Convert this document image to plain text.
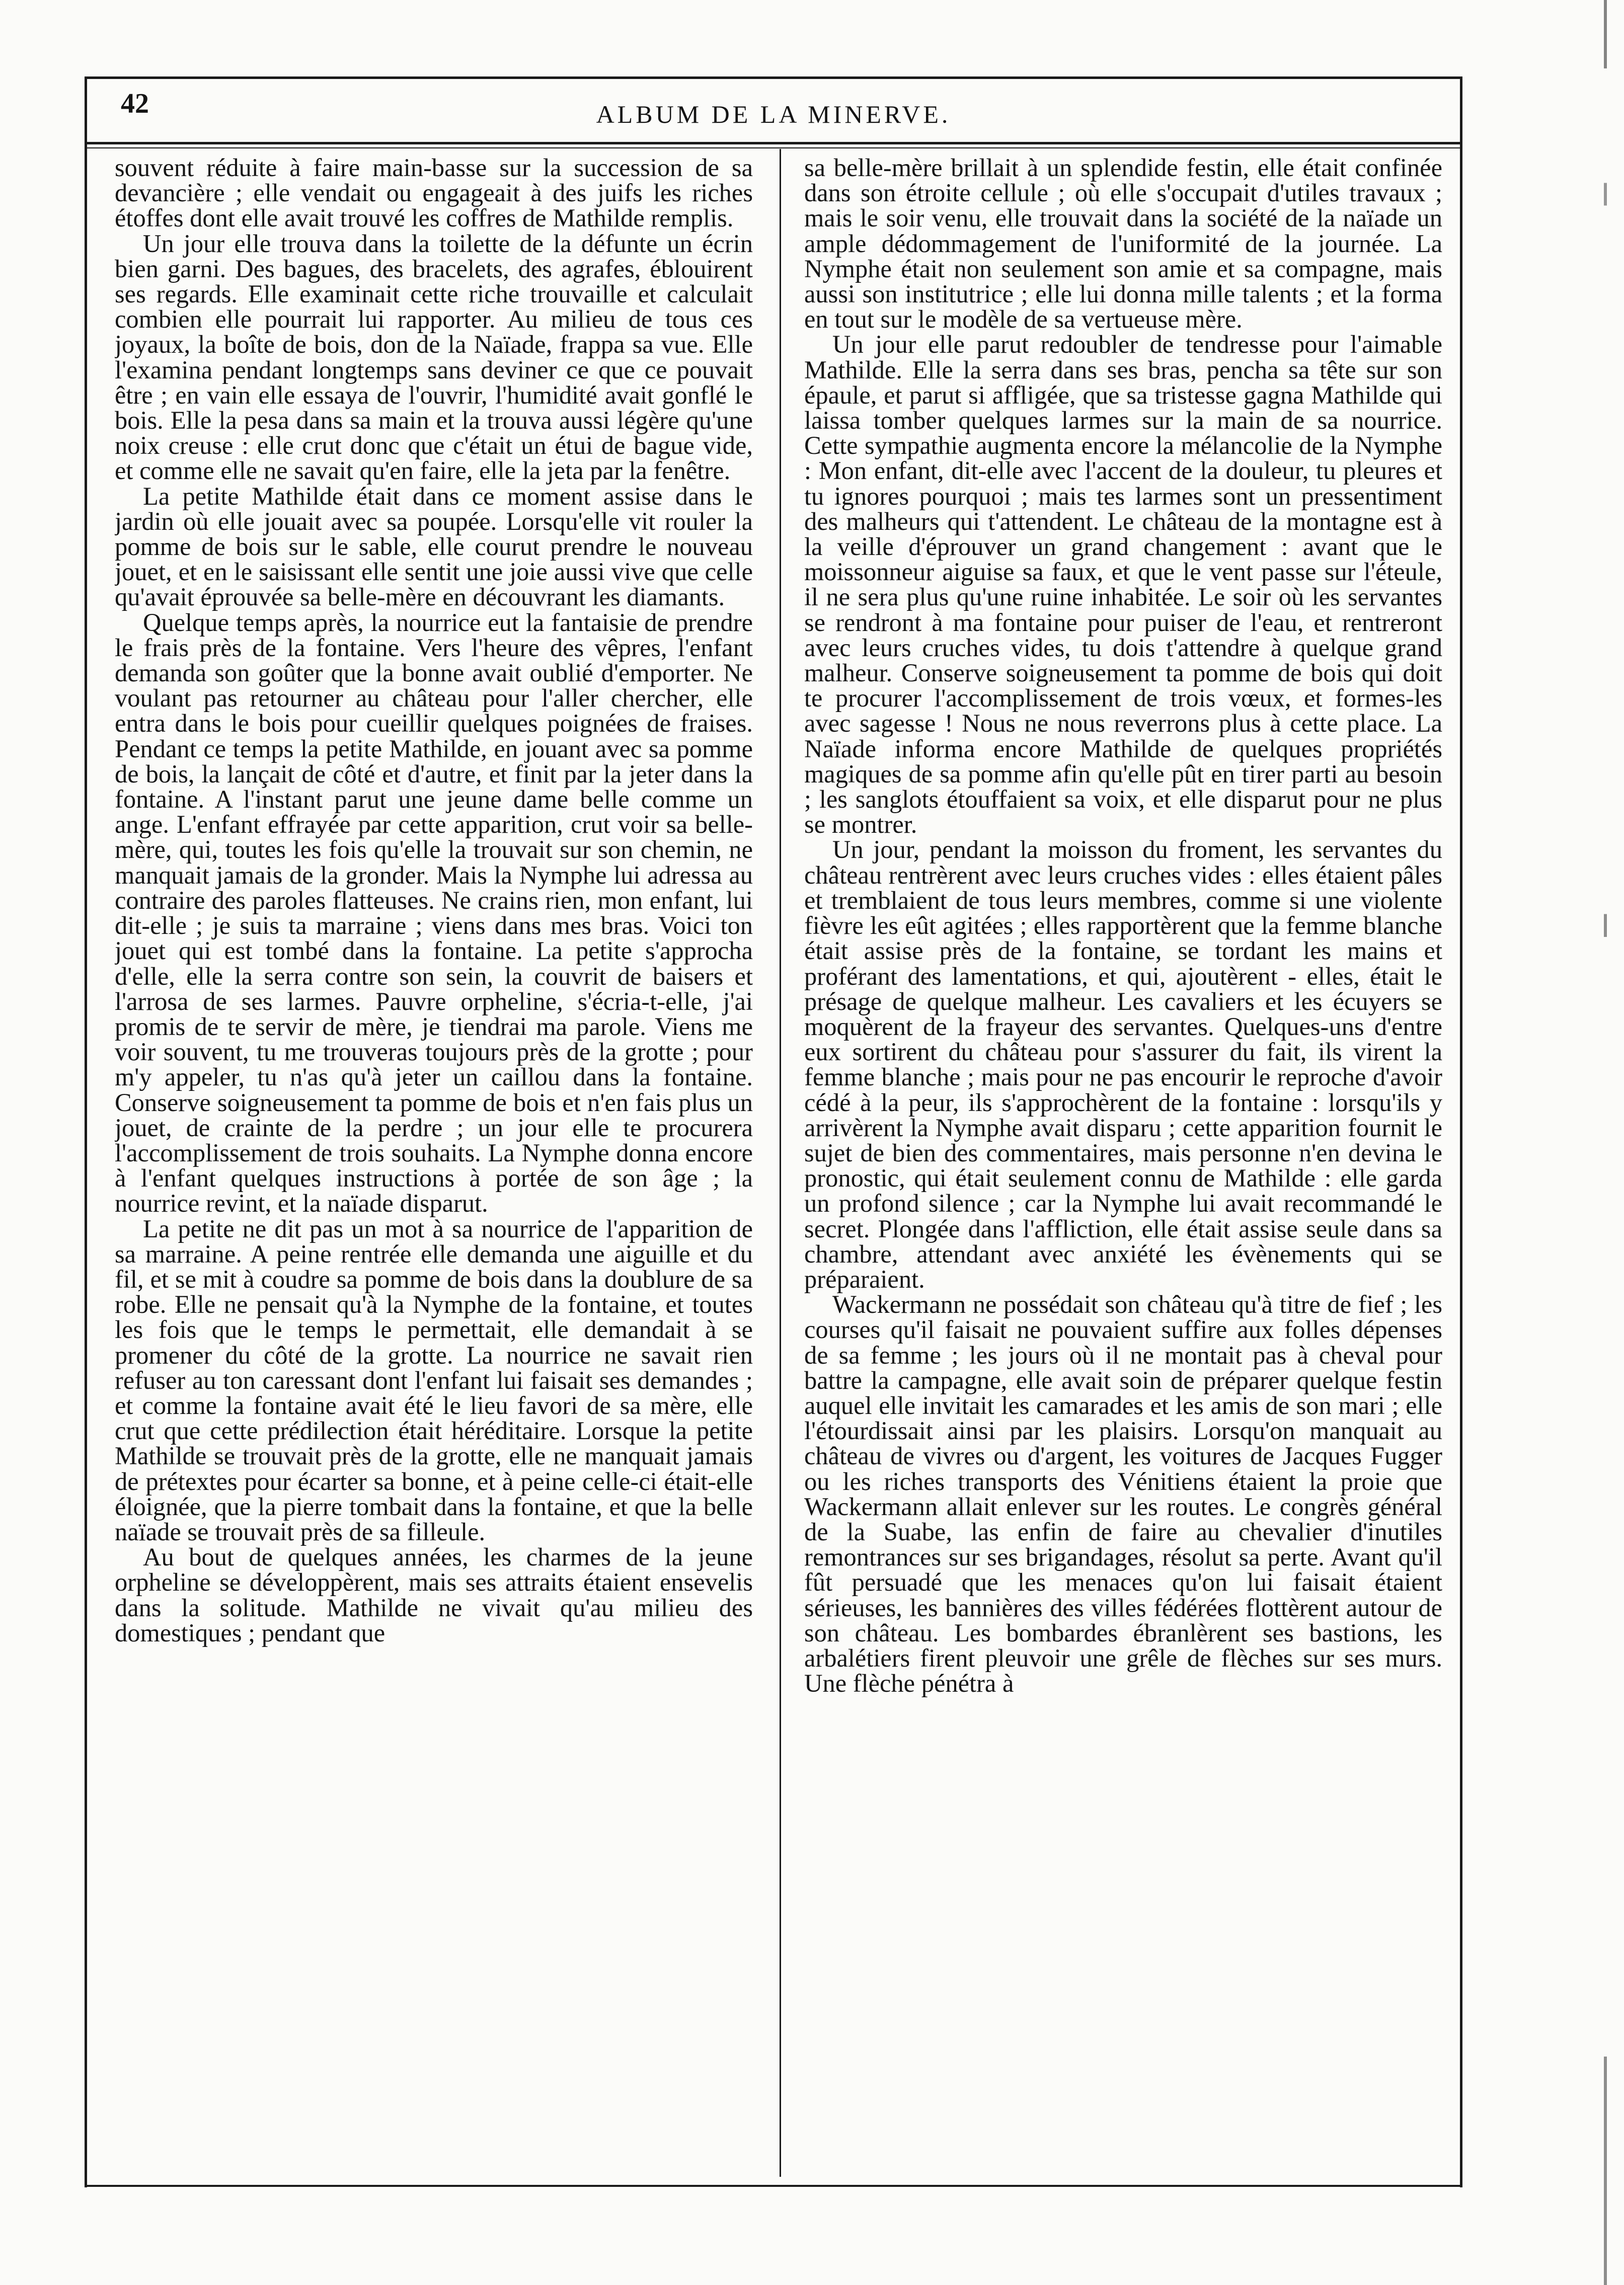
42	ALBUM DE LA MINERVE.

souvent réduite à faire main-basse sur la succession de sa devancière ; elle vendait ou engageait à des juifs les riches étoffes dont elle avait trouvé les coffres de Mathilde remplis.

Un jour elle trouva dans la toilette de la défunte un écrin bien garni. Des bagues, des bracelets, des agrafes, éblouirent ses regards. Elle examinait cette riche trouvaille et calculait combien elle pourrait lui rapporter. Au milieu de tous ces joyaux, la boîte de bois, don de la Naïade, frappa sa vue. Elle l'examina pendant longtemps sans deviner ce que ce pouvait être ; en vain elle essaya de l'ouvrir, l'humidité avait gonflé le bois. Elle la pesa dans sa main et la trouva aussi légère qu'une noix creuse : elle crut donc que c'était un étui de bague vide, et comme elle ne savait qu'en faire, elle la jeta par la fenêtre.

La petite Mathilde était dans ce moment assise dans le jardin où elle jouait avec sa poupée. Lorsqu'elle vit rouler la pomme de bois sur le sable, elle courut prendre le nouveau jouet, et en le saisissant elle sentit une joie aussi vive que celle qu'avait éprouvée sa belle-mère en découvrant les diamants.

Quelque temps après, la nourrice eut la fantaisie de prendre le frais près de la fontaine. Vers l'heure des vêpres, l'enfant demanda son goûter que la bonne avait oublié d'emporter. Ne voulant pas retourner au château pour l'aller chercher, elle entra dans le bois pour cueillir quelques poignées de fraises. Pendant ce temps la petite Mathilde, en jouant avec sa pomme de bois, la lançait de côté et d'autre, et finit par la jeter dans la fontaine. A l'instant parut une jeune dame belle comme un ange. L'enfant effrayée par cette apparition, crut voir sa belle-mère, qui, toutes les fois qu'elle la trouvait sur son chemin, ne manquait jamais de la gronder. Mais la Nymphe lui adressa au contraire des paroles flatteuses. Ne crains rien, mon enfant, lui dit-elle ; je suis ta marraine ; viens dans mes bras. Voici ton jouet qui est tombé dans la fontaine. La petite s'approcha d'elle, elle la serra contre son sein, la couvrit de baisers et l'arrosa de ses larmes. Pauvre orpheline, s'écria-t-elle, j'ai promis de te servir de mère, je tiendrai ma parole. Viens me voir souvent, tu me trouveras toujours près de la grotte ; pour m'y appeler, tu n'as qu'à jeter un caillou dans la fontaine. Conserve soigneusement ta pomme de bois et n'en fais plus un jouet, de crainte de la perdre ; un jour elle te procurera l'accomplissement de trois souhaits. La Nymphe donna encore à l'enfant quelques instructions à portée de son âge ; la nourrice revint, et la naïade disparut.

La petite ne dit pas un mot à sa nourrice de l'apparition de sa marraine. A peine rentrée elle demanda une aiguille et du fil, et se mit à coudre sa pomme de bois dans la doublure de sa robe. Elle ne pensait qu'à la Nymphe de la fontaine, et toutes les fois que le temps le permettait, elle demandait à se promener du côté de la grotte. La nourrice ne savait rien refuser au ton caressant dont l'enfant lui faisait ses demandes ; et comme la fontaine avait été le lieu favori de sa mère, elle crut que cette prédilection était héréditaire. Lorsque la petite Mathilde se trouvait près de la grotte, elle ne manquait jamais de prétextes pour écarter sa bonne, et à peine celle-ci était-elle éloignée, que la pierre tombait dans la fontaine, et que la belle naïade se trouvait près de sa filleule.

Au bout de quelques années, les charmes de la jeune orpheline se développèrent, mais ses attraits étaient ensevelis dans la solitude. Mathilde ne vivait qu'au milieu des domestiques ; pendant que

sa belle-mère brillait à un splendide festin, elle était confinée dans son étroite cellule ; où elle s'occupait d'utiles travaux ; mais le soir venu, elle trouvait dans la société de la naïade un ample dédommagement de l'uniformité de la journée. La Nymphe était non seulement son amie et sa compagne, mais aussi son institutrice ; elle lui donna mille talents ; et la forma en tout sur le modèle de sa vertueuse mère.

Un jour elle parut redoubler de tendresse pour l'aimable Mathilde. Elle la serra dans ses bras, pencha sa tête sur son épaule, et parut si affligée, que sa tristesse gagna Mathilde qui laissa tomber quelques larmes sur la main de sa nourrice. Cette sympathie augmenta encore la mélancolie de la Nymphe : Mon enfant, dit-elle avec l'accent de la douleur, tu pleures et tu ignores pourquoi ; mais tes larmes sont un pressentiment des malheurs qui t'attendent. Le château de la montagne est à la veille d'éprouver un grand changement : avant que le moissonneur aiguise sa faux, et que le vent passe sur l'éteule, il ne sera plus qu'une ruine inhabitée. Le soir où les servantes se rendront à ma fontaine pour puiser de l'eau, et rentreront avec leurs cruches vides, tu dois t'attendre à quelque grand malheur. Conserve soigneusement ta pomme de bois qui doit te procurer l'accomplissement de trois vœux, et formes-les avec sagesse ! Nous ne nous reverrons plus à cette place. La Naïade informa encore Mathilde de quelques propriétés magiques de sa pomme afin qu'elle pût en tirer parti au besoin ; les sanglots étouffaient sa voix, et elle disparut pour ne plus se montrer.

Un jour, pendant la moisson du froment, les servantes du château rentrèrent avec leurs cruches vides : elles étaient pâles et tremblaient de tous leurs membres, comme si une violente fièvre les eût agitées ; elles rapportèrent que la femme blanche était assise près de la fontaine, se tordant les mains et proférant des lamentations, et qui, ajoutèrent - elles, était le présage de quelque malheur. Les cavaliers et les écuyers se moquèrent de la frayeur des servantes. Quelques-uns d'entre eux sortirent du château pour s'assurer du fait, ils virent la femme blanche ; mais pour ne pas encourir le reproche d'avoir cédé à la peur, ils s'approchèrent de la fontaine : lorsqu'ils y arrivèrent la Nymphe avait disparu ; cette apparition fournit le sujet de bien des commentaires, mais personne n'en devina le pronostic, qui était seulement connu de Mathilde : elle garda un profond silence ; car la Nymphe lui avait recommandé le secret. Plongée dans l'affliction, elle était assise seule dans sa chambre, attendant avec anxiété les évènements qui se préparaient.

Wackermann ne possédait son château qu'à titre de fief ; les courses qu'il faisait ne pouvaient suffire aux folles dépenses de sa femme ; les jours où il ne montait pas à cheval pour battre la campagne, elle avait soin de préparer quelque festin auquel elle invitait les camarades et les amis de son mari ; elle l'étourdissait ainsi par les plaisirs. Lorsqu'on manquait au château de vivres ou d'argent, les voitures de Jacques Fugger ou les riches transports des Vénitiens étaient la proie que Wackermann allait enlever sur les routes. Le congrès général de la Suabe, las enfin de faire au chevalier d'inutiles remontrances sur ses brigandages, résolut sa perte. Avant qu'il fût persuadé que les menaces qu'on lui faisait étaient sérieuses, les bannières des villes fédérées flottèrent autour de son château. Les bombardes ébranlèrent ses bastions, les arbalétiers firent pleuvoir une grêle de flèches sur ses murs. Une flèche pénétra à
